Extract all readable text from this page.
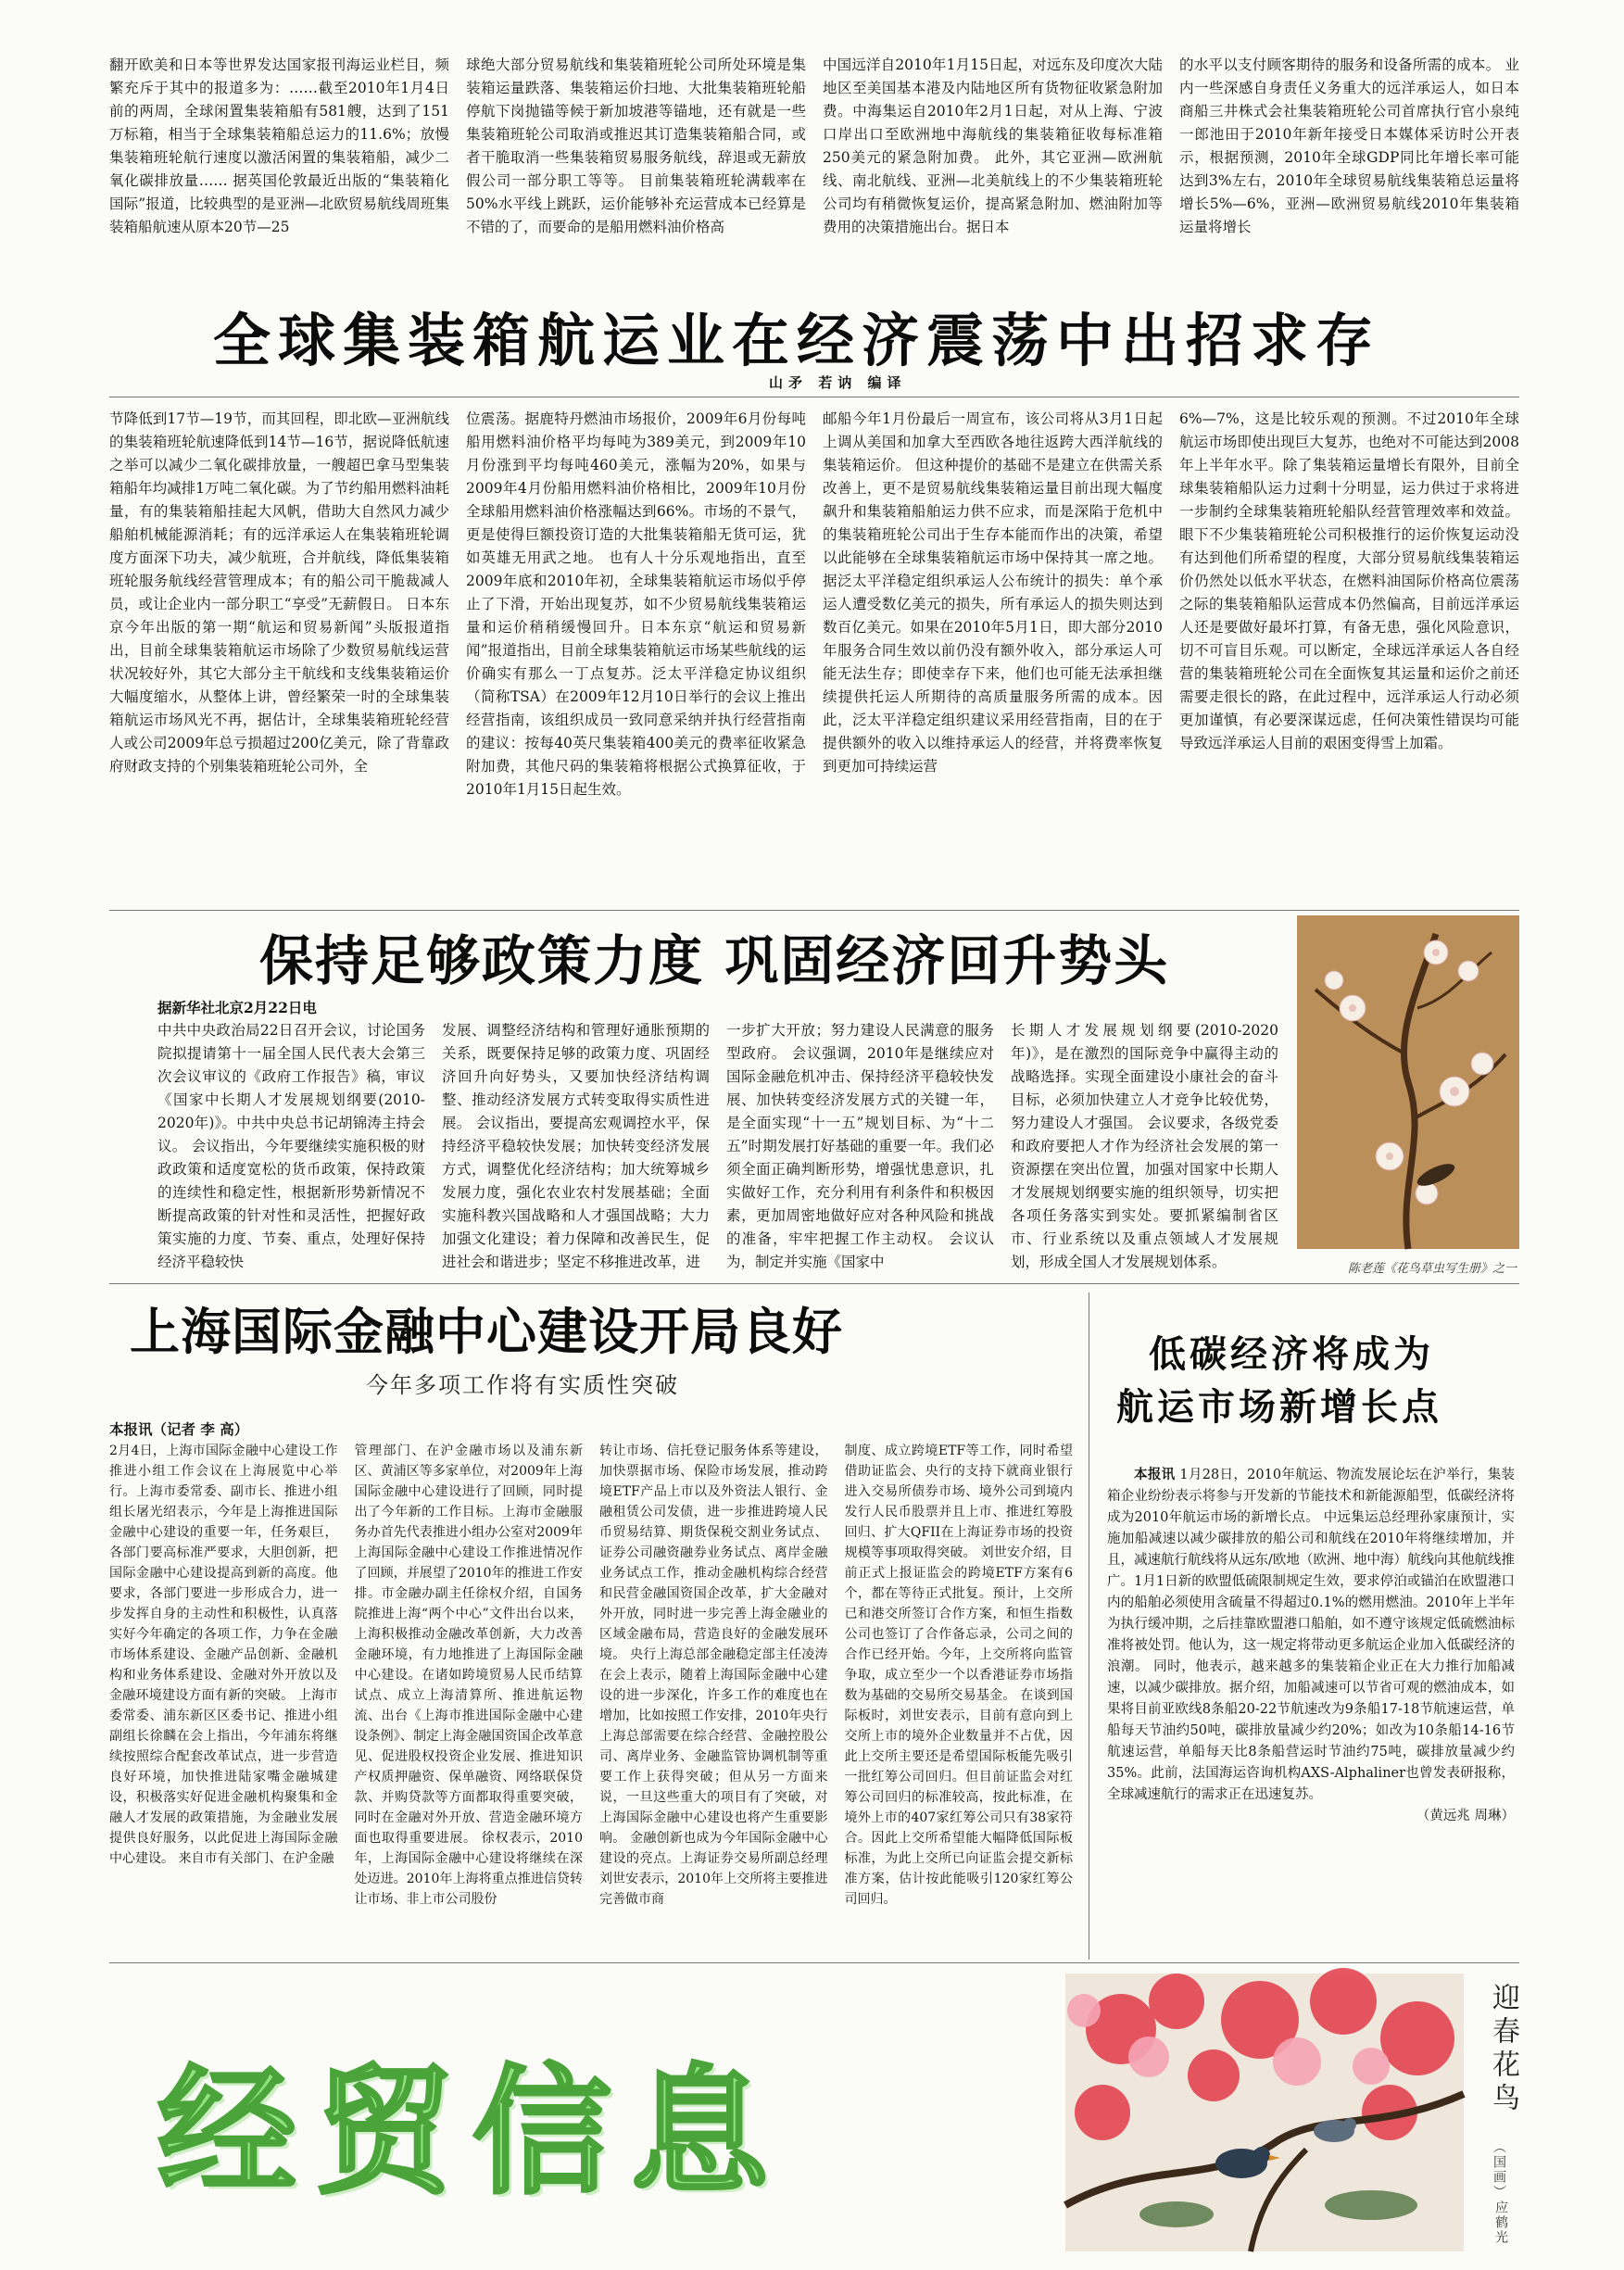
翻开欧美和日本等世界发达国家报刊海运业栏目，频繁充斥于其中的报道多为：……截至2010年1月4日前的两周，全球闲置集装箱船有581艘，达到了151万标箱，相当于全球集装箱船总运力的11.6%；放慢集装箱班轮航行速度以激活闲置的集装箱船，减少二氧化碳排放量…… 据英国伦敦最近出版的“集装箱化国际”报道，比较典型的是亚洲—北欧贸易航线周班集装箱船航速从原本20节—25
球绝大部分贸易航线和集装箱班轮公司所处环境是集装箱运量跌落、集装箱运价扫地、大批集装箱班轮船停航下岗抛锚等候于新加坡港等锚地，还有就是一些集装箱班轮公司取消或推迟其订造集装箱船合同，或者干脆取消一些集装箱贸易服务航线，辞退或无薪放假公司一部分职工等等。 目前集装箱班轮满载率在50%水平线上跳跃，运价能够补充运营成本已经算是不错的了，而要命的是船用燃料油价格高
中国远洋自2010年1月15日起，对远东及印度次大陆地区至美国基本港及内陆地区所有货物征收紧急附加费。中海集运自2010年2月1日起，对从上海、宁波口岸出口至欧洲地中海航线的集装箱征收每标准箱250美元的紧急附加费。 此外，其它亚洲—欧洲航线、南北航线、亚洲—北美航线上的不少集装箱班轮公司均有稍微恢复运价，提高紧急附加、燃油附加等费用的决策措施出台。据日本
的水平以支付顾客期待的服务和设备所需的成本。 业内一些深感自身责任义务重大的远洋承运人，如日本商船三井株式会社集装箱班轮公司首席执行官小泉纯一郎池田于2010年新年接受日本媒体采访时公开表示，根据预测，2010年全球GDP同比年增长率可能达到3%左右，2010年全球贸易航线集装箱总运量将增长5%—6%，亚洲—欧洲贸易航线2010年集装箱运量将增长
全球集装箱航运业在经济震荡中出招求存
山矛 若讷 编译
节降低到17节—19节，而其回程，即北欧—亚洲航线的集装箱班轮航速降低到14节—16节，据说降低航速之举可以减少二氧化碳排放量，一艘超巴拿马型集装箱船年均减排1万吨二氧化碳。为了节约船用燃料油耗量，有的集装箱船挂起大风帆，借助大自然风力减少船舶机械能源消耗；有的远洋承运人在集装箱班轮调度方面深下功夫，减少航班，合并航线，降低集装箱班轮服务航线经营管理成本；有的船公司干脆裁减人员，或让企业内一部分职工“享受”无薪假日。 日本东京今年出版的第一期“航运和贸易新闻”头版报道指出，目前全球集装箱航运市场除了少数贸易航线运营状况较好外，其它大部分主干航线和支线集装箱运价大幅度缩水，从整体上讲，曾经繁荣一时的全球集装箱航运市场风光不再，据估计，全球集装箱班轮经营人或公司2009年总亏损超过200亿美元，除了背靠政府财政支持的个别集装箱班轮公司外，全
位震荡。据鹿特丹燃油市场报价，2009年6月份每吨船用燃料油价格平均每吨为389美元，到2009年10月份涨到平均每吨460美元，涨幅为20%，如果与2009年4月份船用燃料油价格相比，2009年10月份全球船用燃料油价格涨幅达到66%。市场的不景气，更是使得巨额投资订造的大批集装箱船无货可运，犹如英雄无用武之地。 也有人十分乐观地指出，直至2009年底和2010年初，全球集装箱航运市场似乎停止了下滑，开始出现复苏，如不少贸易航线集装箱运量和运价稍稍缓慢回升。日本东京“航运和贸易新闻”报道指出，目前全球集装箱航运市场某些航线的运价确实有那么一丁点复苏。泛太平洋稳定协议组织（简称TSA）在2009年12月10日举行的会议上推出经营指南，该组织成员一致同意采纳并执行经营指南的建议：按每40英尺集装箱400美元的费率征收紧急附加费，其他尺码的集装箱将根据公式换算征收，于2010年1月15日起生效。
邮船今年1月份最后一周宣布，该公司将从3月1日起上调从美国和加拿大至西欧各地往返跨大西洋航线的集装箱运价。 但这种提价的基础不是建立在供需关系改善上，更不是贸易航线集装箱运量目前出现大幅度飙升和集装箱船舶运力供不应求，而是深陷于危机中的集装箱班轮公司出于生存本能而作出的决策，希望以此能够在全球集装箱航运市场中保持其一席之地。据泛太平洋稳定组织承运人公布统计的损失：单个承运人遭受数亿美元的损失，所有承运人的损失则达到数百亿美元。如果在2010年5月1日，即大部分2010年服务合同生效以前仍没有额外收入，部分承运人可能无法生存；即使幸存下来，他们也可能无法承担继续提供托运人所期待的高质量服务所需的成本。因此，泛太平洋稳定组织建议采用经营指南，目的在于提供额外的收入以维持承运人的经营，并将费率恢复到更加可持续运营
6%—7%，这是比较乐观的预测。不过2010年全球航运市场即使出现巨大复苏，也绝对不可能达到2008年上半年水平。除了集装箱运量增长有限外，目前全球集装箱船队运力过剩十分明显，运力供过于求将进一步制约全球集装箱班轮船队经营管理效率和效益。眼下不少集装箱班轮公司积极推行的运价恢复运动没有达到他们所希望的程度，大部分贸易航线集装箱运价仍然处以低水平状态，在燃料油国际价格高位震荡之际的集装箱船队运营成本仍然偏高，目前远洋承运人还是要做好最坏打算，有备无患，强化风险意识，切不可盲目乐观。可以断定，全球远洋承运人各自经营的集装箱班轮公司在全面恢复其运量和运价之前还需要走很长的路，在此过程中，远洋承运人行动必须更加谨慎，有必要深谋远虑，任何决策性错误均可能导致远洋承运人目前的艰困变得雪上加霜。
保持足够政策力度 巩固经济回升势头
据新华社北京2月22日电
中共中央政治局22日召开会议，讨论国务院拟提请第十一届全国人民代表大会第三次会议审议的《政府工作报告》稿，审议《国家中长期人才发展规划纲要(2010-2020年)》。中共中央总书记胡锦涛主持会议。 会议指出，今年要继续实施积极的财政政策和适度宽松的货币政策，保持政策的连续性和稳定性，根据新形势新情况不断提高政策的针对性和灵活性，把握好政策实施的力度、节奏、重点，处理好保持经济平稳较快
发展、调整经济结构和管理好通胀预期的关系，既要保持足够的政策力度、巩固经济回升向好势头，又要加快经济结构调整、推动经济发展方式转变取得实质性进展。 会议指出，要提高宏观调控水平，保持经济平稳较快发展；加快转变经济发展方式，调整优化经济结构；加大统筹城乡发展力度，强化农业农村发展基础；全面实施科教兴国战略和人才强国战略；大力加强文化建设；着力保障和改善民生，促进社会和谐进步；坚定不移推进改革，进
一步扩大开放；努力建设人民满意的服务型政府。 会议强调，2010年是继续应对国际金融危机冲击、保持经济平稳较快发展、加快转变经济发展方式的关键一年，是全面实现“十一五”规划目标、为“十二五”时期发展打好基础的重要一年。我们必须全面正确判断形势，增强忧患意识，扎实做好工作，充分利用有利条件和积极因素，更加周密地做好应对各种风险和挑战的准备，牢牢把握工作主动权。 会议认为，制定并实施《国家中
长期人才发展规划纲要(2010-2020年)》，是在激烈的国际竞争中赢得主动的战略选择。实现全面建设小康社会的奋斗目标，必须加快建立人才竞争比较优势，努力建设人才强国。 会议要求，各级党委和政府要把人才作为经济社会发展的第一资源摆在突出位置，加强对国家中长期人才发展规划纲要实施的组织领导，切实把各项任务落实到实处。要抓紧编制省区市、行业系统以及重点领域人才发展规划，形成全国人才发展规划体系。	陈老莲《花鸟草虫写生册》之一
上海国际金融中心建设开局良好
今年多项工作将有实质性突破
本报讯（记者 李 高）
2月4日，上海市国际金融中心建设工作推进小组工作会议在上海展览中心举行。上海市委常委、副市长、推进小组组长屠光绍表示，今年是上海推进国际金融中心建设的重要一年，任务艰巨，各部门要高标准严要求，大胆创新，把国际金融中心建设提高到新的高度。他要求，各部门要进一步形成合力，进一步发挥自身的主动性和积极性，认真落实好今年确定的各项工作，力争在金融市场体系建设、金融产品创新、金融机构和业务体系建设、金融对外开放以及金融环境建设方面有新的突破。 上海市委常委、浦东新区区委书记、推进小组副组长徐麟在会上指出，今年浦东将继续按照综合配套改革试点，进一步营造良好环境，加快推进陆家嘴金融城建设，积极落实好促进金融机构聚集和金融人才发展的政策措施，为金融业发展提供良好服务，以此促进上海国际金融中心建设。 来自市有关部门、在沪金融
管理部门、在沪金融市场以及浦东新区、黄浦区等多家单位，对2009年上海国际金融中心建设进行了回顾，同时提出了今年新的工作目标。上海市金融服务办首先代表推进小组办公室对2009年上海国际金融中心建设工作推进情况作了回顾，并展望了2010年的推进工作安排。市金融办副主任徐权介绍，自国务院推进上海“两个中心”文件出台以来，上海积极推动金融改革创新，大力改善金融环境，有力地推进了上海国际金融中心建设。在诸如跨境贸易人民币结算试点、成立上海清算所、推进航运物流、出台《上海市推进国际金融中心建设条例》、制定上海金融国资国企改革意见、促进股权投资企业发展、推进知识产权质押融资、保单融资、网络联保贷款、并购贷款等方面都取得重要突破，同时在金融对外开放、营造金融环境方面也取得重要进展。 徐权表示，2010年，上海国际金融中心建设将继续在深处迈进。2010年上海将重点推进信贷转让市场、非上市公司股份
转让市场、信托登记服务体系等建设，加快票据市场、保险市场发展，推动跨境ETF产品上市以及外资法人银行、金融租赁公司发债，进一步推进跨境人民币贸易结算、期货保税交割业务试点、证券公司融资融券业务试点、离岸金融业务试点工作，推动金融机构综合经营和民营金融国资国企改革，扩大金融对外开放，同时进一步完善上海金融业的区域金融布局，营造良好的金融发展环境。 央行上海总部金融稳定部主任凌涛在会上表示，随着上海国际金融中心建设的进一步深化，许多工作的难度也在增加，比如按照工作安排，2010年央行上海总部需要在综合经营、金融控股公司、离岸业务、金融监管协调机制等重要工作上获得突破；但从另一方面来说，一旦这些重大的项目有了突破，对上海国际金融中心建设也将产生重要影响。 金融创新也成为今年国际金融中心建设的亮点。上海证券交易所副总经理刘世安表示，2010年上交所将主要推进完善做市商
制度、成立跨境ETF等工作，同时希望借助证监会、央行的支持下就商业银行进入交易所债券市场、境外公司到境内发行人民币股票并且上市、推进红筹股回归、扩大QFII在上海证券市场的投资规模等事项取得突破。 刘世安介绍，目前正式上报证监会的跨境ETF方案有6个，都在等待正式批复。预计，上交所已和港交所签订合作方案，和恒生指数公司也签订了合作备忘录，公司之间的合作已经开始。今年，上交所将向监管争取，成立至少一个以香港证券市场指数为基础的交易所交易基金。 在谈到国际板时，刘世安表示，目前有意向到上交所上市的境外企业数量并不占优，因此上交所主要还是希望国际板能先吸引一批红筹公司回归。但目前证监会对红筹公司回归的标准较高，按此标准，在境外上市的407家红筹公司只有38家符合。因此上交所希望能大幅降低国际板标准，为此上交所已向证监会提交新标准方案，估计按此能吸引120家红筹公司回归。
低碳经济将成为
航运市场新增长点

本报讯 1月28日，2010年航运、物流发展论坛在沪举行，集装箱企业纷纷表示将参与开发新的节能技术和新能源船型，低碳经济将成为2010年航运市场的新增长点。 中远集运总经理孙家康预计，实施加船减速以减少碳排放的船公司和航线在2010年将继续增加，并且，减速航行航线将从远东/欧地（欧洲、地中海）航线向其他航线推广。1月1日新的欧盟低硫限制规定生效，要求停泊或锚泊在欧盟港口内的船舶必须使用含硫量不得超过0.1%的燃用燃油。2010年上半年为执行缓冲期，之后挂靠欧盟港口船舶，如不遵守该规定低硫燃油标准将被处罚。他认为，这一规定将带动更多航运企业加入低碳经济的浪潮。 同时，他表示，越来越多的集装箱企业正在大力推行加船减速，以减少碳排放。据介绍，加船减速可以节省可观的燃油成本，如果将目前亚欧线8条船20-22节航速改为9条船17-18节航速运营，单船每天节油约50吨，碳排放量减少约20%；如改为10条船14-16节航速运营，单船每天比8条船营运时节油约75吨，碳排放量减少约35%。此前，法国海运咨询机构AXS-Alphaliner也曾发表研报称，全球减速航行的需求正在迅速复苏。

（黄远兆 周琳）
经贸信息
迎春花鸟
（国画）
应鹤光
